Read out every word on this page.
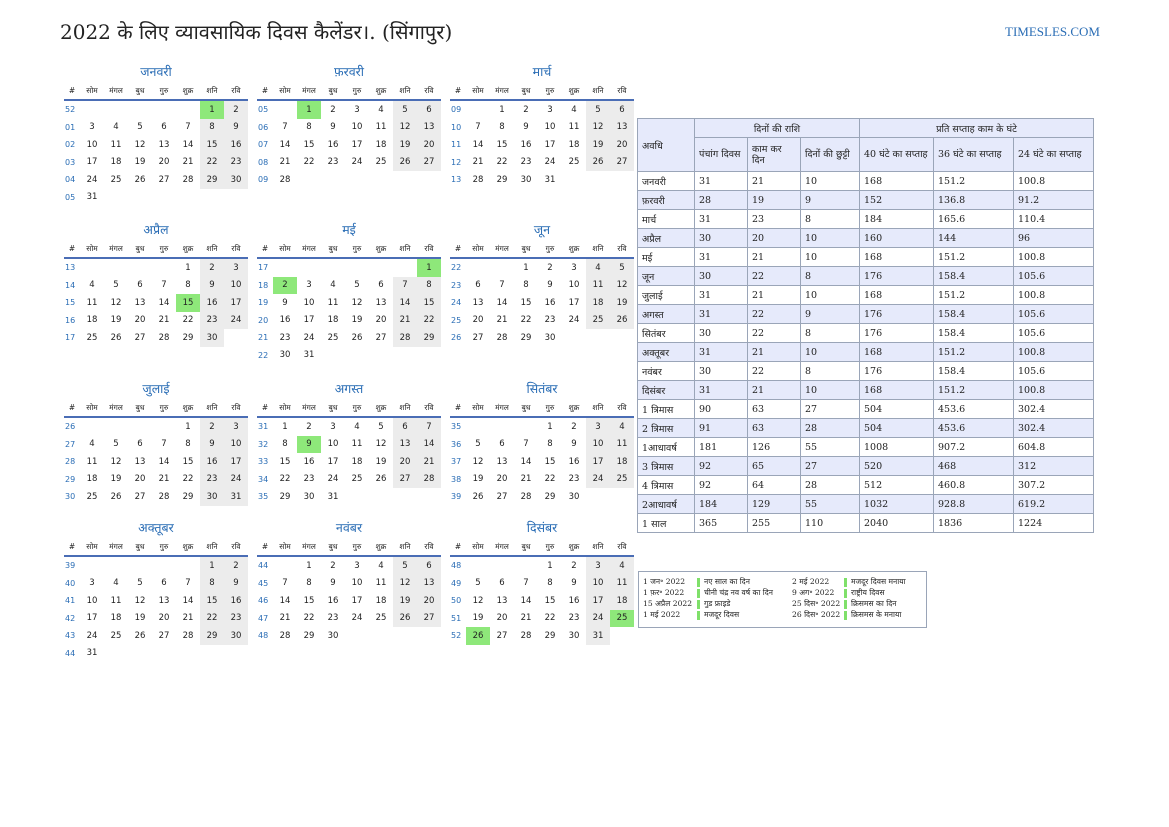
2022 के लिए व्यावसायिक दिवस कैलेंडर।. (सिंगापुर)	TIMESLES.COM
जनवरी
#	सोम	मंगल	बुध	गुरु	शुक्र	शनि	रवि
52						1	2
01	3	4	5	6	7	8	9
02	10	11	12	13	14	15	16
03	17	18	19	20	21	22	23
04	24	25	26	27	28	29	30
05	31						
फ़रवरी
#	सोम	मंगल	बुध	गुरु	शुक्र	शनि	रवि
05		1	2	3	4	5	6
06	7	8	9	10	11	12	13
07	14	15	16	17	18	19	20
08	21	22	23	24	25	26	27
09	28						
मार्च
#	सोम	मंगल	बुध	गुरु	शुक्र	शनि	रवि
09		1	2	3	4	5	6
10	7	8	9	10	11	12	13
11	14	15	16	17	18	19	20
12	21	22	23	24	25	26	27
13	28	29	30	31			
अप्रैल
#	सोम	मंगल	बुध	गुरु	शुक्र	शनि	रवि
13					1	2	3
14	4	5	6	7	8	9	10
15	11	12	13	14	15	16	17
16	18	19	20	21	22	23	24
17	25	26	27	28	29	30	
मई
#	सोम	मंगल	बुध	गुरु	शुक्र	शनि	रवि
17							1
18	2	3	4	5	6	7	8
19	9	10	11	12	13	14	15
20	16	17	18	19	20	21	22
21	23	24	25	26	27	28	29
22	30	31					
जून
#	सोम	मंगल	बुध	गुरु	शुक्र	शनि	रवि
22			1	2	3	4	5
23	6	7	8	9	10	11	12
24	13	14	15	16	17	18	19
25	20	21	22	23	24	25	26
26	27	28	29	30			
जुलाई
#	सोम	मंगल	बुध	गुरु	शुक्र	शनि	रवि
26					1	2	3
27	4	5	6	7	8	9	10
28	11	12	13	14	15	16	17
29	18	19	20	21	22	23	24
30	25	26	27	28	29	30	31
अगस्त
#	सोम	मंगल	बुध	गुरु	शुक्र	शनि	रवि
31	1	2	3	4	5	6	7
32	8	9	10	11	12	13	14
33	15	16	17	18	19	20	21
34	22	23	24	25	26	27	28
35	29	30	31				
सितंबर
#	सोम	मंगल	बुध	गुरु	शुक्र	शनि	रवि
35				1	2	3	4
36	5	6	7	8	9	10	11
37	12	13	14	15	16	17	18
38	19	20	21	22	23	24	25
39	26	27	28	29	30		
अक्तूबर
#	सोम	मंगल	बुध	गुरु	शुक्र	शनि	रवि
39						1	2
40	3	4	5	6	7	8	9
41	10	11	12	13	14	15	16
42	17	18	19	20	21	22	23
43	24	25	26	27	28	29	30
44	31						
नवंबर
#	सोम	मंगल	बुध	गुरु	शुक्र	शनि	रवि
44		1	2	3	4	5	6
45	7	8	9	10	11	12	13
46	14	15	16	17	18	19	20
47	21	22	23	24	25	26	27
48	28	29	30				
दिसंबर
#	सोम	मंगल	बुध	गुरु	शुक्र	शनि	रवि
48				1	2	3	4
49	5	6	7	8	9	10	11
50	12	13	14	15	16	17	18
51	19	20	21	22	23	24	25
52	26	27	28	29	30	31	
अवधि	दिनों की राशि			प्रति सप्ताह काम के घंटे		
	पंचांग दिवस	काम कर दिन	दिनों की छुट्टी	40 घंटे का सप्ताह	36 घंटे का सप्ताह	24 घंटे का सप्ताह
जनवरी	31	21	10	168	151.2	100.8
फ़रवरी	28	19	9	152	136.8	91.2
मार्च	31	23	8	184	165.6	110.4
अप्रैल	30	20	10	160	144	96
मई	31	21	10	168	151.2	100.8
जून	30	22	8	176	158.4	105.6
जुलाई	31	21	10	168	151.2	100.8
अगस्त	31	22	9	176	158.4	105.6
सितंबर	30	22	8	176	158.4	105.6
अक्तूबर	31	21	10	168	151.2	100.8
नवंबर	30	22	8	176	158.4	105.6
दिसंबर	31	21	10	168	151.2	100.8
1 त्रिमास	90	63	27	504	453.6	302.4
2 त्रिमास	91	63	28	504	453.6	302.4
1आधावर्ष	181	126	55	1008	907.2	604.8
3 त्रिमास	92	65	27	520	468	312
4 त्रिमास	92	64	28	512	460.8	307.2
2आधावर्ष	184	129	55	1032	928.8	619.2
1 साल	365	255	110	2040	1836	1224
1 जन॰ 2022 नए साल का दिन
1 फ़र॰ 2022	चीनी चंद्र नव वर्ष का दिन
15 अप्रैल 2022 गुड फ्राइडे
1 मई 2022	मजदूर दिवस
2 मई 2022	मजदूर दिवस मनाया
9 अग॰ 2022 राष्ट्रीय दिवस
25 दिस॰ 2022 क्रिसमस का दिन
26 दिस॰ 2022 क्रिसमस के मनाया
